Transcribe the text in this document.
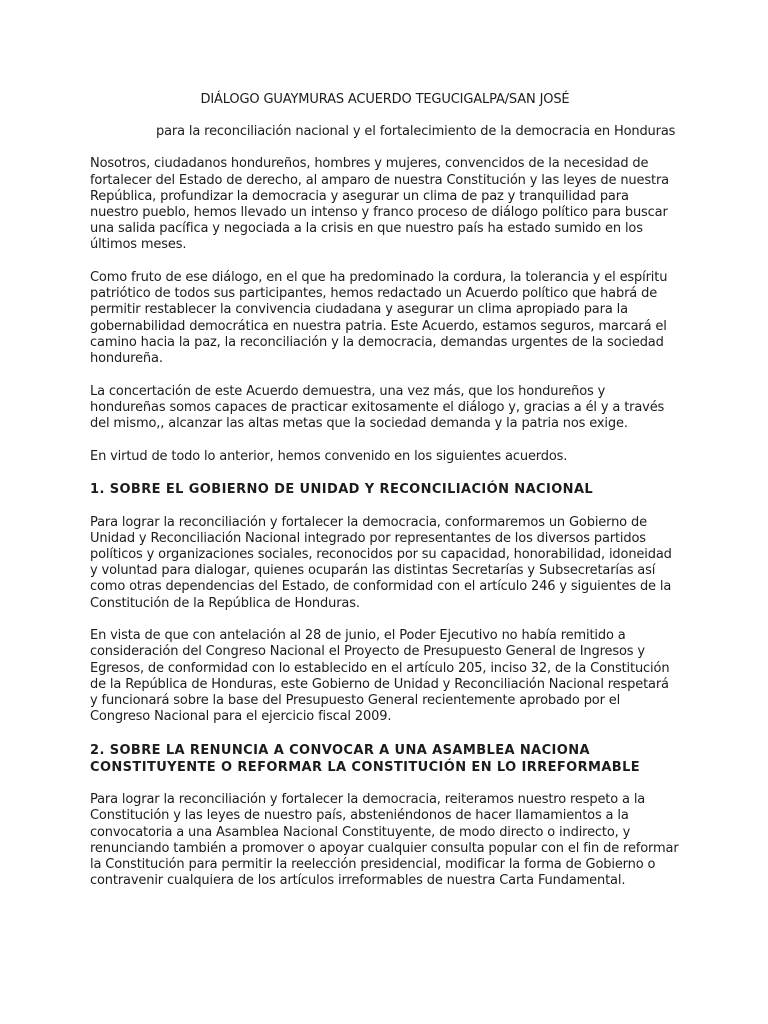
DIÁLOGO GUAYMURAS ACUERDO TEGUCIGALPA/SAN JOSÉ
para la reconciliación nacional y el fortalecimiento de la democracia en Honduras

Nosotros, ciudadanos hondureños, hombres y mujeres, convencidos de la necesidad de fortalecer del Estado de derecho, al amparo de nuestra Constitución y las leyes de nuestra República, profundizar la democracia y asegurar un clima de paz y tranquilidad para nuestro pueblo, hemos llevado un intenso y franco proceso de diálogo político para buscar una salida pacífica y negociada a la crisis en que nuestro país ha estado sumido en los últimos meses.

Como fruto de ese diálogo, en el que ha predominado la cordura, la tolerancia y el espíritu patriótico de todos sus participantes, hemos redactado un Acuerdo político que habrá de permitir restablecer la convivencia ciudadana y asegurar un clima apropiado para la gobernabilidad democrática en nuestra patria. Este Acuerdo, estamos seguros, marcará el camino hacia la paz, la reconciliación y la democracia, demandas urgentes de la sociedad hondureña.

La concertación de este Acuerdo demuestra, una vez más, que los hondureños y hondureñas somos capaces de practicar exitosamente el diálogo y, gracias a él y a través del mismo,, alcanzar las altas metas que la sociedad demanda y la patria nos exige.

En virtud de todo lo anterior, hemos convenido en los siguientes acuerdos.

1. SOBRE EL GOBIERNO DE UNIDAD Y RECONCILIACIÓN NACIONAL

Para lograr la reconciliación y fortalecer la democracia, conformaremos un Gobierno de Unidad y Reconciliación Nacional integrado por representantes de los diversos partidos políticos y organizaciones sociales, reconocidos por su capacidad, honorabilidad, idoneidad y voluntad para dialogar, quienes ocuparán las distintas Secretarías y Subsecretarías así como otras dependencias del Estado, de conformidad con el artículo 246 y siguientes de la Constitución de la República de Honduras.

En vista de que con antelación al 28 de junio, el Poder Ejecutivo no había remitido a consideración del Congreso Nacional el Proyecto de Presupuesto General de Ingresos y Egresos, de conformidad con lo establecido en el artículo 205, inciso 32, de la Constitución de la República de Honduras, este Gobierno de Unidad y Reconciliación Nacional respetará y funcionará sobre la base del Presupuesto General recientemente aprobado por el Congreso Nacional para el ejercicio fiscal 2009.

2. SOBRE LA RENUNCIA A CONVOCAR A UNA ASAMBLEA NACIONA CONSTITUYENTE O REFORMAR LA CONSTITUCIÓN EN LO IRREFORMABLE

Para lograr la reconciliación y fortalecer la democracia, reiteramos nuestro respeto a la Constitución y las leyes de nuestro país, absteniéndonos de hacer llamamientos a la convocatoria a una Asamblea Nacional Constituyente, de modo directo o indirecto, y renunciando también a promover o apoyar cualquier consulta popular con el fin de reformar la Constitución para permitir la reelección presidencial, modificar la forma de Gobierno o contravenir cualquiera de los artículos irreformables de nuestra Carta Fundamental.
